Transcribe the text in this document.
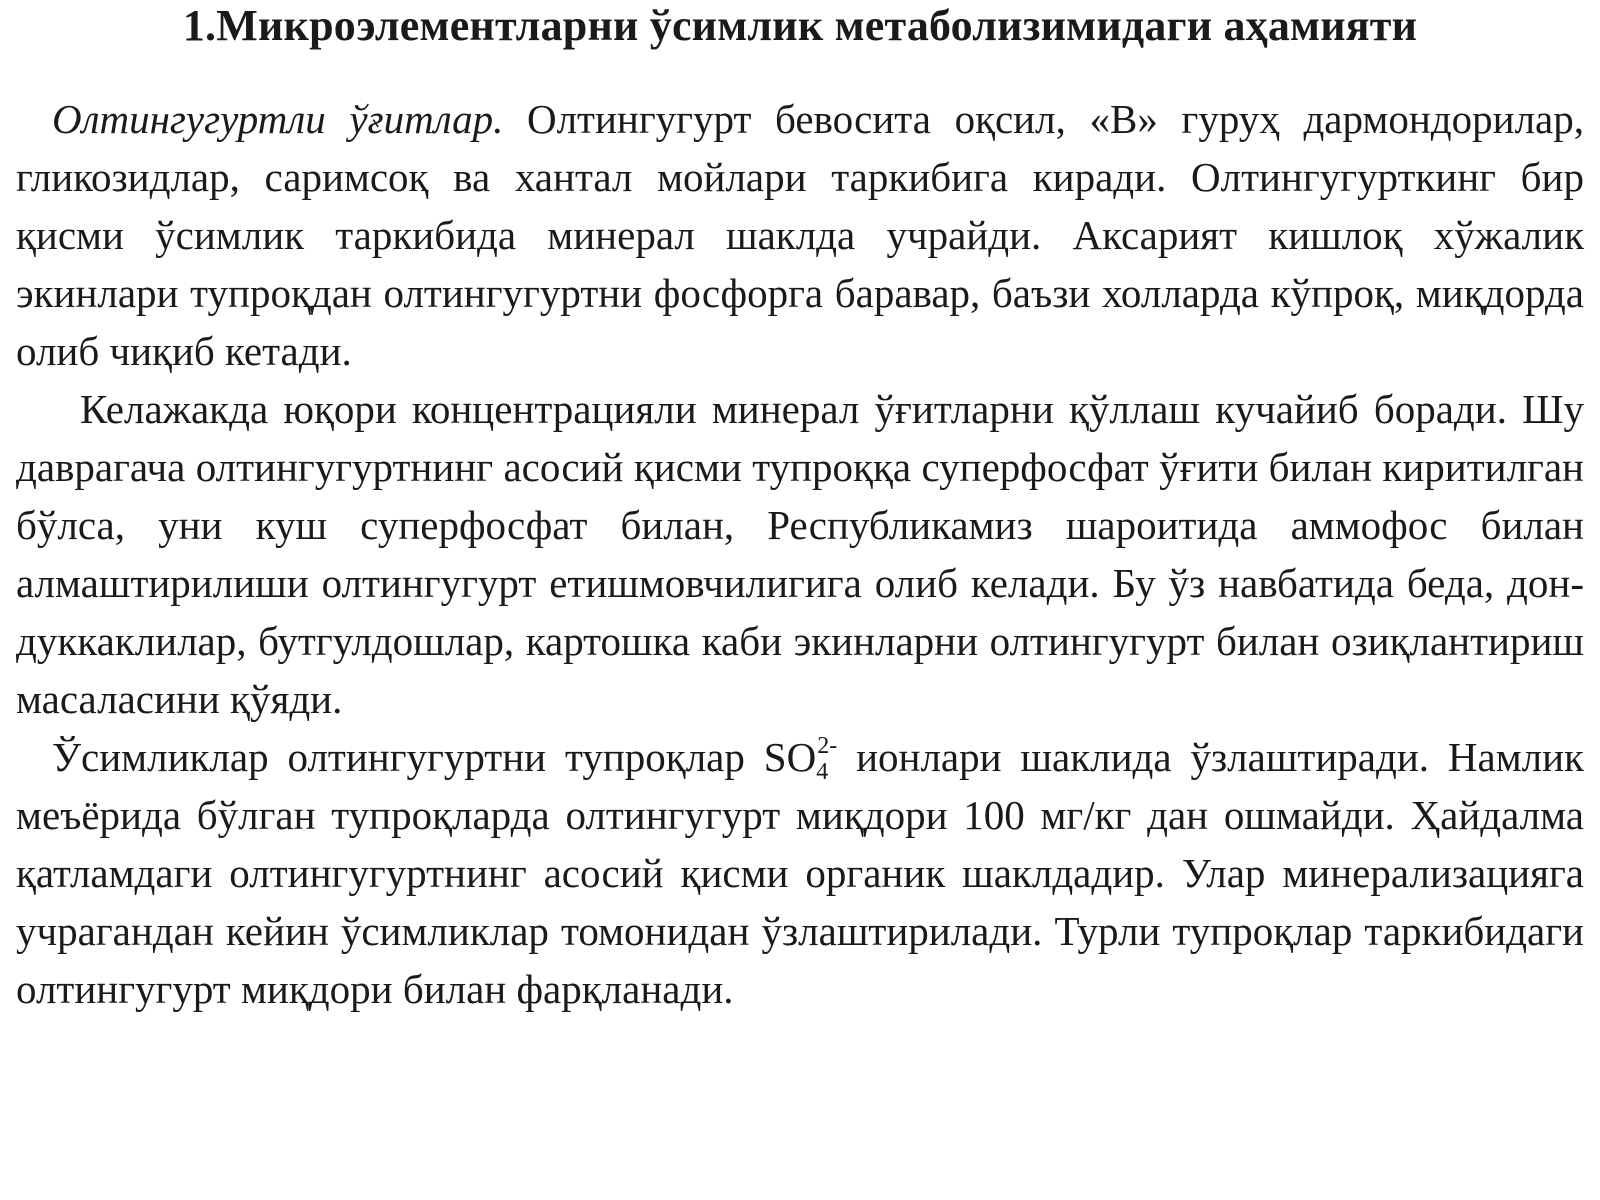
1.Микроэлементларни ўсимлик метаболизимидаги аҳамияти

Олтингугуртли ўғитлар. Олтингугурт бевосита оқсил, «В» гуруҳ дармондорилар, гликозидлар, саримсоқ ва хантал мойлари таркибига киради. Олтингугурткинг бир қисми ўсимлик таркибида минерал шаклда учрайди. Аксарият кишлоқ хўжалик экинлари тупроқдан олтингугуртни фосфорга баравар, баъзи холларда кўпроқ, миқдорда олиб чиқиб кетади.

Келажакда юқори концентрацияли минерал ўғитларни қўллаш кучайиб боради. Шу даврагача олтингугуртнинг асосий қисми тупроққа суперфосфат ўғити билан киритилган бўлса, уни куш суперфосфат билан, Республикамиз шароитида аммофос билан алмаштирилиши олтингугурт етишмовчилигига олиб келади. Бу ўз навбатида беда, дон-дуккаклилар, бутгулдошлар, картошка каби экинларни олтингугурт билан озиқлантириш масаласини қўяди.

Ўсимликлар олтингугуртни тупроқлар $SO_4^{2-}$ ионлари шаклида ўзлаштиради. Намлик меъёрида бўлган тупроқларда олтингугурт миқдори 100 мг/кг дан ошмайди. Ҳайдалма қатламдаги олтингугуртнинг асосий қисми органик шаклдадир. Улар минерализацияга учрагандан кейин ўсимликлар томонидан ўзлаштирилади. Турли тупроқлар таркибидаги олтингугурт миқдори билан фарқланади.
